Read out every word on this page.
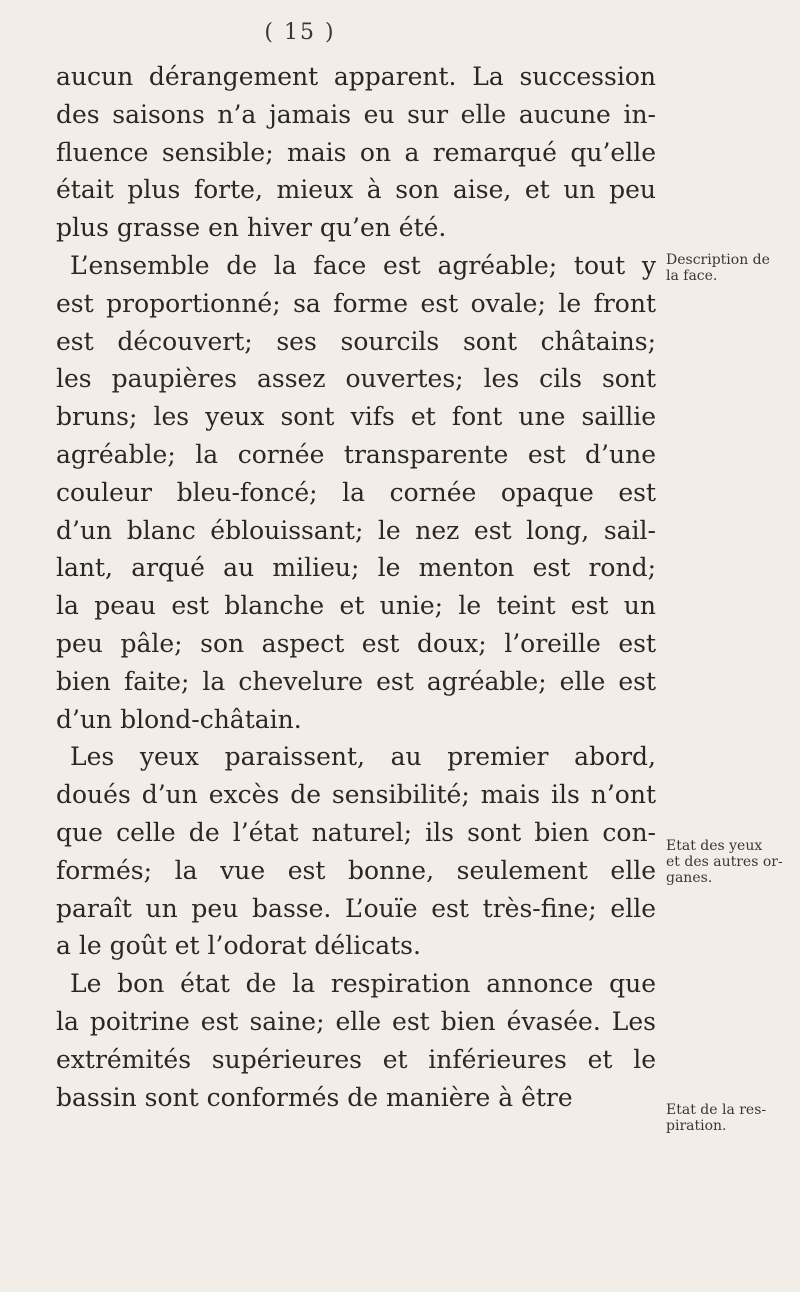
( 15 )
aucun dérangement apparent. La succession
des saisons n’a jamais eu sur elle aucune in-
fluence sensible; mais on a remarqué qu’elle
était plus forte, mieux à son aise, et un peu
plus grasse en hiver qu’en été.
L’ensemble de la face est agréable; tout y
est proportionné; sa forme est ovale; le front
est découvert; ses sourcils sont châtains;
les paupières assez ouvertes; les cils sont
bruns; les yeux sont vifs et font une saillie
agréable; la cornée transparente est d’une
couleur bleu-foncé; la cornée opaque est
d’un blanc éblouissant; le nez est long, sail-
lant, arqué au milieu; le menton est rond;
la peau est blanche et unie; le teint est un
peu pâle; son aspect est doux; l’oreille est
bien faite; la chevelure est agréable; elle est
d’un blond-châtain.
Les yeux paraissent, au premier abord,
doués d’un excès de sensibilité; mais ils n’ont
que celle de l’état naturel; ils sont bien con-
formés; la vue est bonne, seulement elle
paraît un peu basse. L’ouïe est très-fine; elle
a le goût et l’odorat délicats.
Le bon état de la respiration annonce que
la poitrine est saine; elle est bien évasée. Les
extrémités supérieures et inférieures et le
bassin sont conformés de manière à être
Description de
la face.
Etat des yeux
et des autres or-
ganes.
Etat de la res-
piration.
